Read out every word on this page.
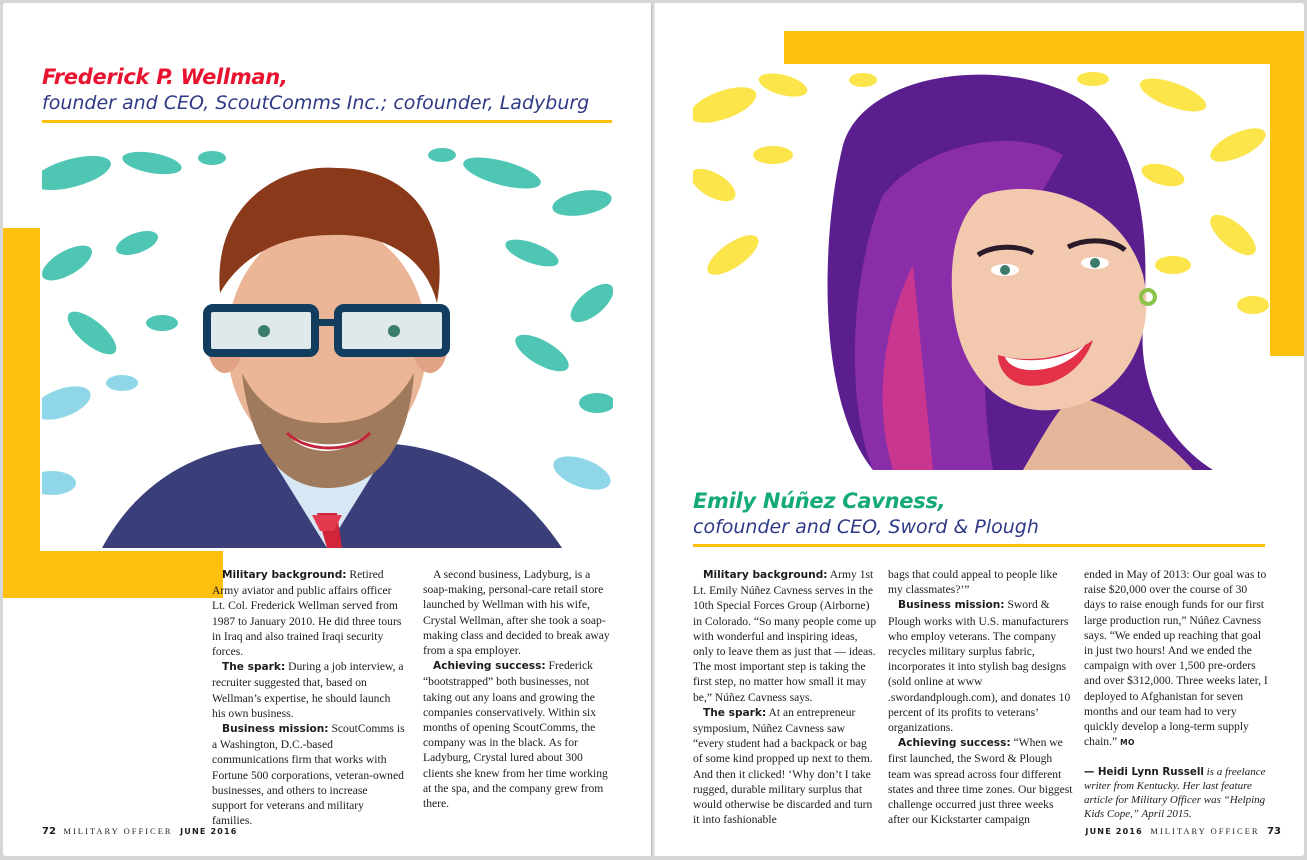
Frederick P. Wellman,
founder and CEO, ScoutComms Inc.; cofounder, Ladyburg

Military background: Retired Army aviator and public affairs officer Lt. Col. Frederick Wellman served from 1987 to January 2010. He did three tours in Iraq and also trained Iraqi security forces.

The spark: During a job interview, a recruiter suggested that, based on Wellman’s expertise, he should launch his own business.

Business mission: ScoutComms is a Washington, D.C.-based communications firm that works with Fortune 500 corporations, veteran-owned businesses, and others to increase support for veterans and military families.

A second business, Ladyburg, is a soap-making, personal-care retail store launched by Wellman with his wife, Crystal Wellman, after she took a soap-making class and decided to break away from a spa employer.

Achieving success: Frederick “bootstrapped” both businesses, not taking out any loans and growing the companies conservatively. Within six months of opening ScoutComms, the company was in the black. As for Ladyburg, Crystal lured about 300 clients she knew from her time working at the spa, and the company grew from there.

72 MILITARY OFFICER JUNE 2016
Emily Núñez Cavness,
cofounder and CEO, Sword & Plough

Military background: Army 1st Lt. Emily Núñez Cavness serves in the 10th Special Forces Group (Airborne) in Colorado. “So many people come up with wonderful and inspiring ideas, only to leave them as just that — ideas. The most important step is taking the first step, no matter how small it may be,” Núñez Cavness says.

The spark: At an entrepreneur symposium, Núñez Cavness saw “every student had a backpack or bag of some kind propped up next to them. And then it clicked! ‘Why don’t I take rugged, durable military surplus that would otherwise be discarded and turn it into fashionable

bags that could appeal to people like my classmates?’”

Business mission: Sword & Plough works with U.S. manufacturers who employ veterans. The company recycles military surplus fabric, incorporates it into stylish bag designs (sold online at www .swordandplough.com), and donates 10 percent of its profits to veterans’ organizations.

Achieving success: “When we first launched, the Sword & Plough team was spread across four different states and three time zones. Our biggest challenge occurred just three weeks after our Kickstarter campaign

ended in May of 2013: Our goal was to raise $20,000 over the course of 30 days to raise enough funds for our first large production run,” Núñez Cavness says. “We ended up reaching that goal in just two hours! And we ended the campaign with over 1,500 pre-orders and over $312,000. Three weeks later, I deployed to Afghanistan for seven months and our team had to very quickly develop a long-term supply chain.” MO

— Heidi Lynn Russell is a freelance writer from Kentucky. Her last feature article for Military Officer was “Helping Kids Cope,” April 2015.
JUNE 2016 MILITARY OFFICER 73
